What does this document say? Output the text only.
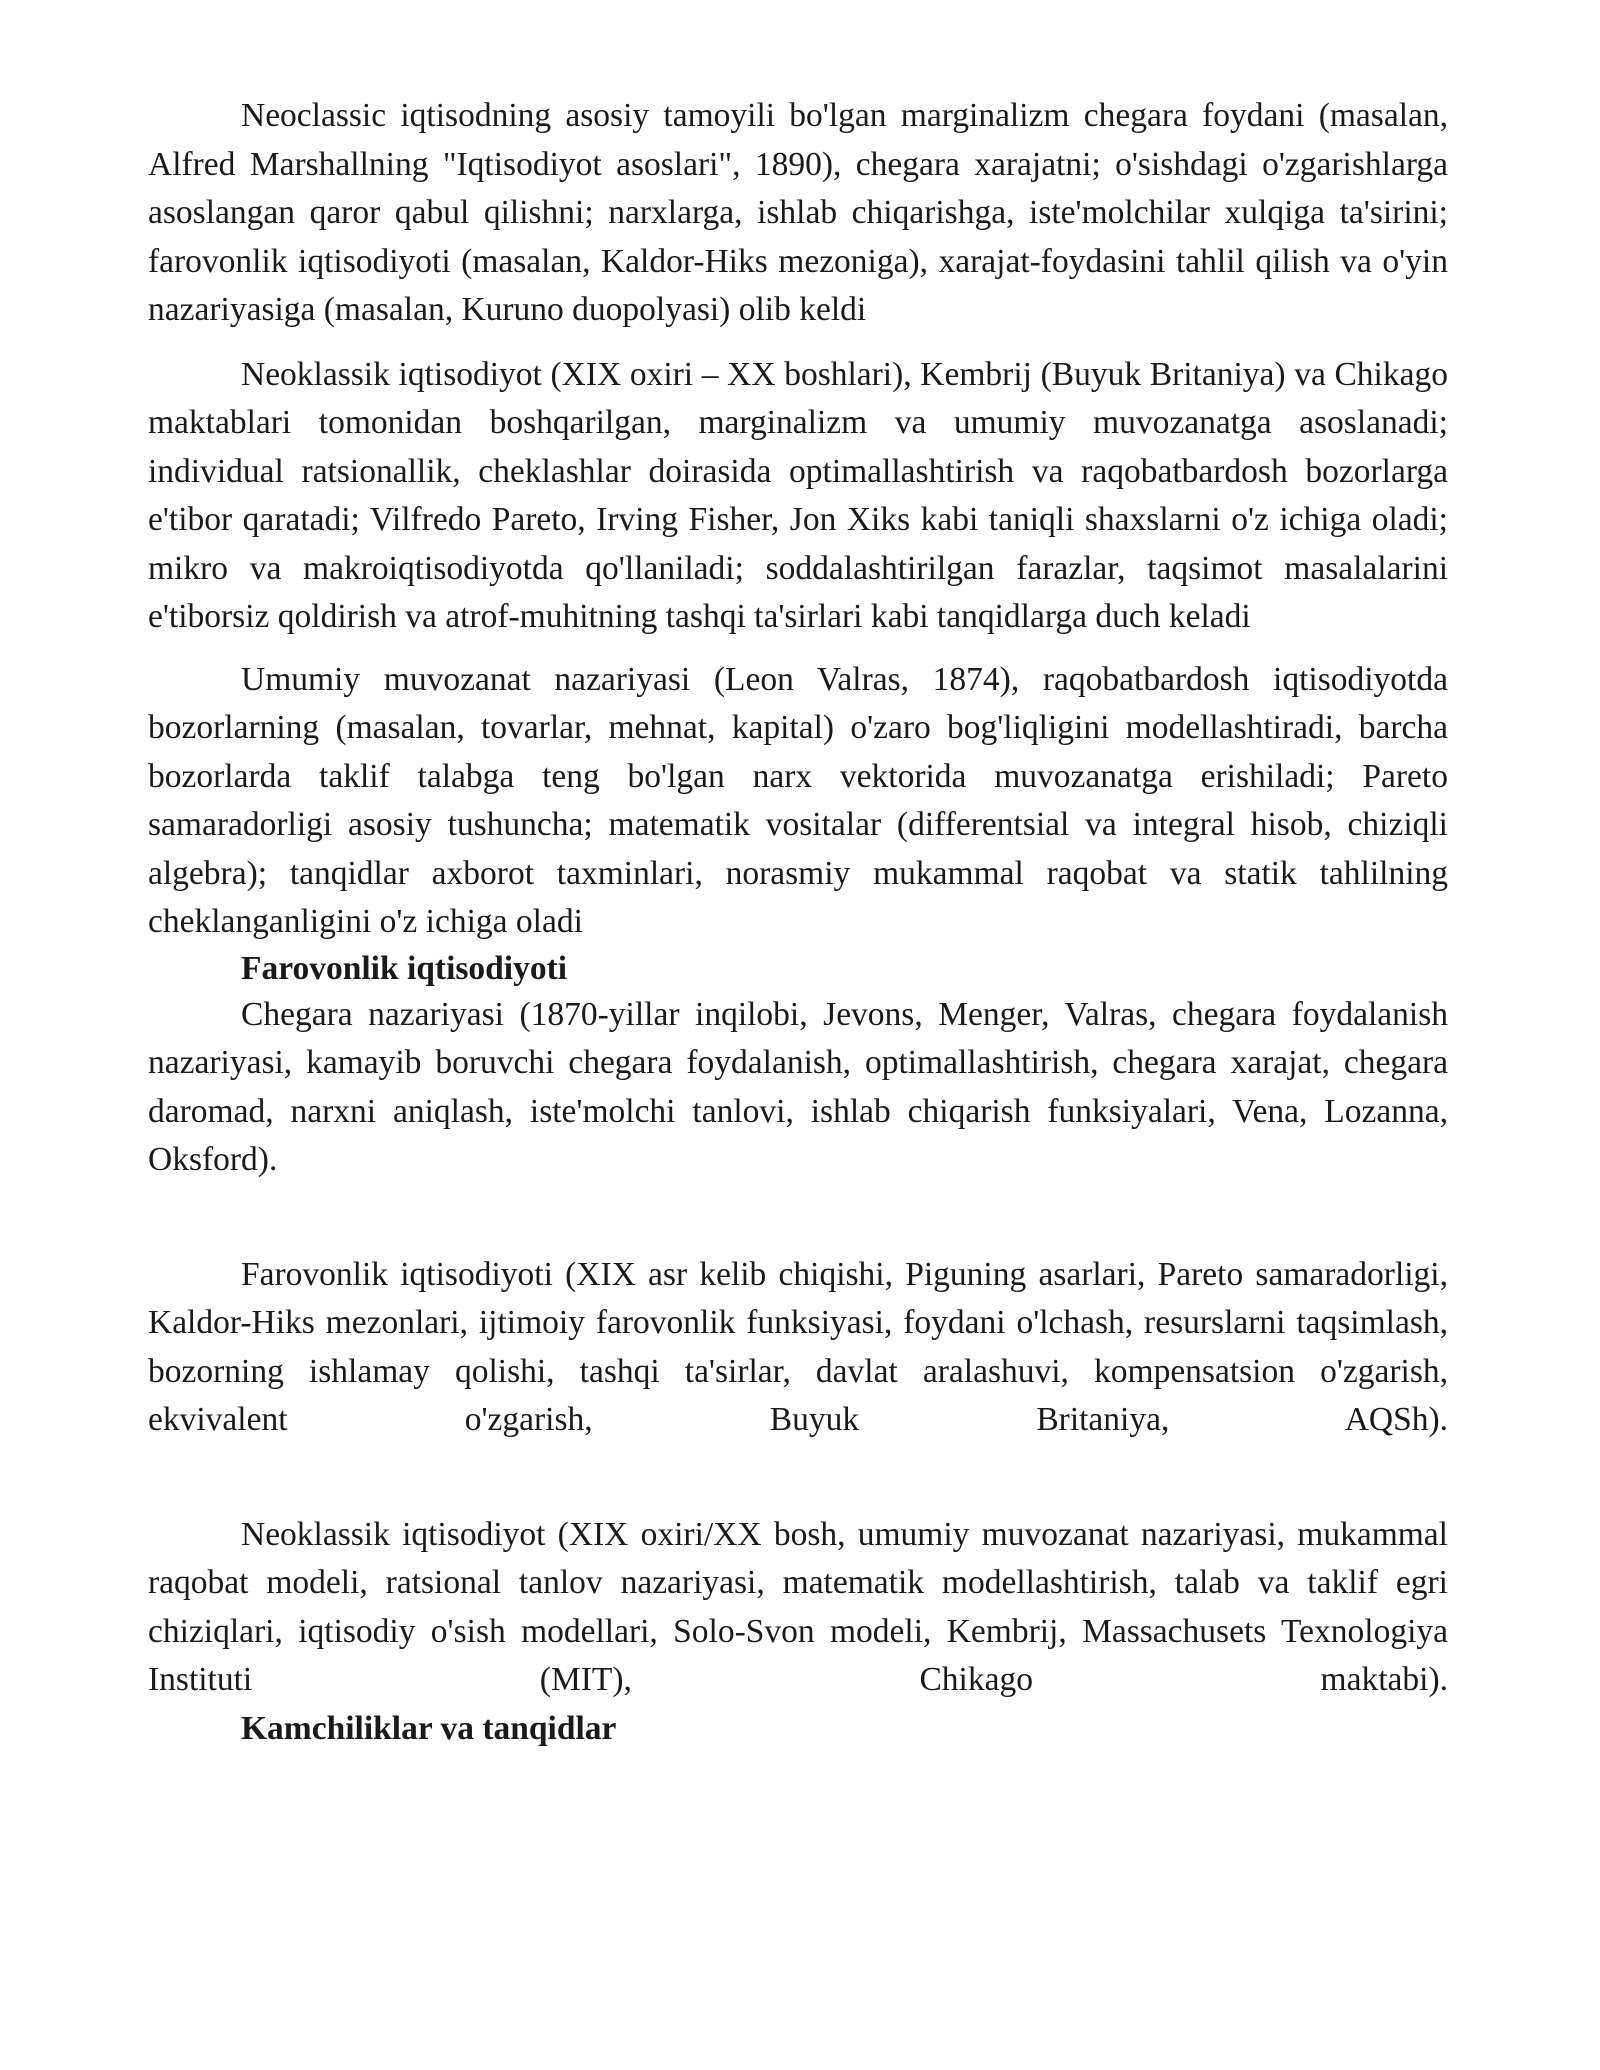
Neoclassic iqtisodning asosiy tamoyili bo'lgan marginalizm chegara foydani (masalan, Alfred Marshallning "Iqtisodiyot asoslari", 1890), chegara xarajatni; o'sishdagi o'zgarishlarga asoslangan qaror qabul qilishni; narxlarga, ishlab chiqarishga, iste'molchilar xulqiga ta'sirini; farovonlik iqtisodiyoti (masalan, Kaldor-Hiks mezoniga), xarajat-foydasini tahlil qilish va o'yin nazariyasiga (masalan, Kuruno duopolyasi) olib keldi

Neoklassik iqtisodiyot (XIX oxiri – XX boshlari), Kembrij (Buyuk Britaniya) va Chikago maktablari tomonidan boshqarilgan, marginalizm va umumiy muvozanatga asoslanadi; individual ratsionallik, cheklashlar doirasida optimallashtirish va raqobatbardosh bozorlarga e'tibor qaratadi; Vilfredo Pareto, Irving Fisher, Jon Xiks kabi taniqli shaxslarni o'z ichiga oladi; mikro va makroiqtisodiyotda qo'llaniladi; soddalashtirilgan farazlar, taqsimot masalalarini e'tiborsiz qoldirish va atrof-muhitning tashqi ta'sirlari kabi tanqidlarga duch keladi

Umumiy muvozanat nazariyasi (Leon Valras, 1874), raqobatbardosh iqtisodiyotda bozorlarning (masalan, tovarlar, mehnat, kapital) o'zaro bog'liqligini modellashtiradi, barcha bozorlarda taklif talabga teng bo'lgan narx vektorida muvozanatga erishiladi; Pareto samaradorligi asosiy tushuncha; matematik vositalar (differentsial va integral hisob, chiziqli algebra); tanqidlar axborot taxminlari, norasmiy mukammal raqobat va statik tahlilning cheklanganligini o'z ichiga oladi

Farovonlik iqtisodiyoti

Chegara nazariyasi (1870-yillar inqilobi, Jevons, Menger, Valras, chegara foydalanish nazariyasi, kamayib boruvchi chegara foydalanish, optimallashtirish, chegara xarajat, chegara daromad, narxni aniqlash, iste'molchi tanlovi, ishlab chiqarish funksiyalari, Vena, Lozanna, Oksford).

Farovonlik iqtisodiyoti (XIX asr kelib chiqishi, Piguning asarlari, Pareto samaradorligi, Kaldor-Hiks mezonlari, ijtimoiy farovonlik funksiyasi, foydani o'lchash, resurslarni taqsimlash, bozorning ishlamay qolishi, tashqi ta'sirlar, davlat aralashuvi, kompensatsion o'zgarish, ekvivalent o'zgarish, Buyuk Britaniya, AQSh).

Neoklassik iqtisodiyot (XIX oxiri/XX bosh, umumiy muvozanat nazariyasi, mukammal raqobat modeli, ratsional tanlov nazariyasi, matematik modellashtirish, talab va taklif egri chiziqlari, iqtisodiy o'sish modellari, Solo-Svon modeli, Kembrij, Massachusets Texnologiya Instituti (MIT), Chikago maktabi).

Kamchiliklar va tanqidlar
